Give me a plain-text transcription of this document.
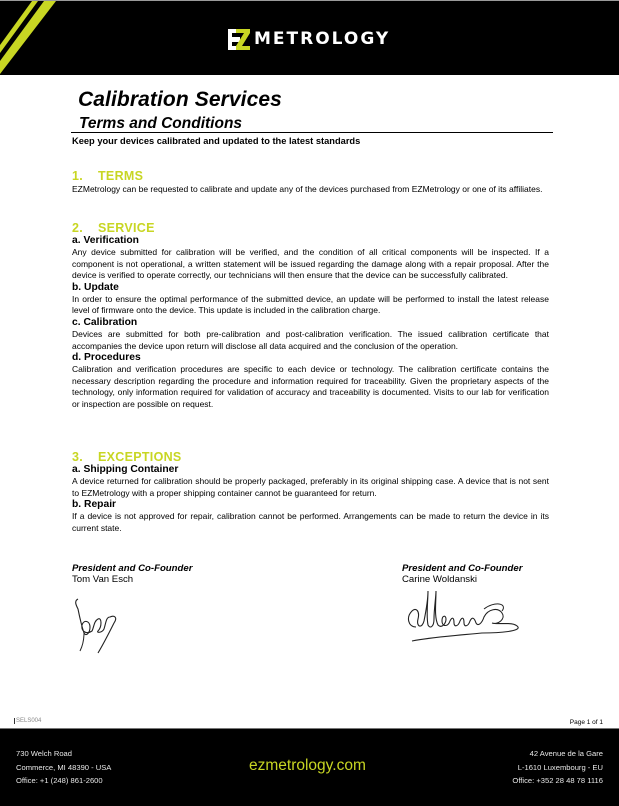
METROLOGY
Calibration Services
Terms and Conditions
Keep your devices calibrated and updated to the latest standards
1. TERMS
EZMetrology can be requested to calibrate and update any of the devices purchased from EZMetrology or one of its affiliates.
2. SERVICE
a. Verification
Any device submitted for calibration will be verified, and the condition of all critical components will be inspected. If a component is not operational, a written statement will be issued regarding the damage along with a repair proposal. After the device is verified to operate correctly, our technicians will then ensure that the device can be successfully calibrated.
b. Update
In order to ensure the optimal performance of the submitted device, an update will be performed to install the latest release level of firmware onto the device. This update is included in the calibration charge.
c. Calibration
Devices are submitted for both pre-calibration and post-calibration verification. The issued calibration certificate that accompanies the device upon return will disclose all data acquired and the conclusion of the operation.
d. Procedures
Calibration and verification procedures are specific to each device or technology. The calibration certificate contains the necessary description regarding the procedure and information required for traceability. Given the proprietary aspects of the technology, only information required for validation of accuracy and traceability is documented. Visits to our lab for verification or inspection are possible on request.
3. EXCEPTIONS
a. Shipping Container
A device returned for calibration should be properly packaged, preferably in its original shipping case. A device that is not sent to EZMetrology with a proper shipping container cannot be guaranteed for return.
b. Repair
If a device is not approved for repair, calibration cannot be performed. Arrangements can be made to return the device in its current state.
President and Co-Founder
Tom Van Esch
President and Co-Founder
Carine Woldanski
SELS004	Page 1 of 1
730 Welch Road
Commerce, MI 48390 - USA
Office: +1 (248) 861-2600
ezmetrology.com
42 Avenue de la Gare
L-1610 Luxembourg - EU
Office: +352 28 48 78 1116
